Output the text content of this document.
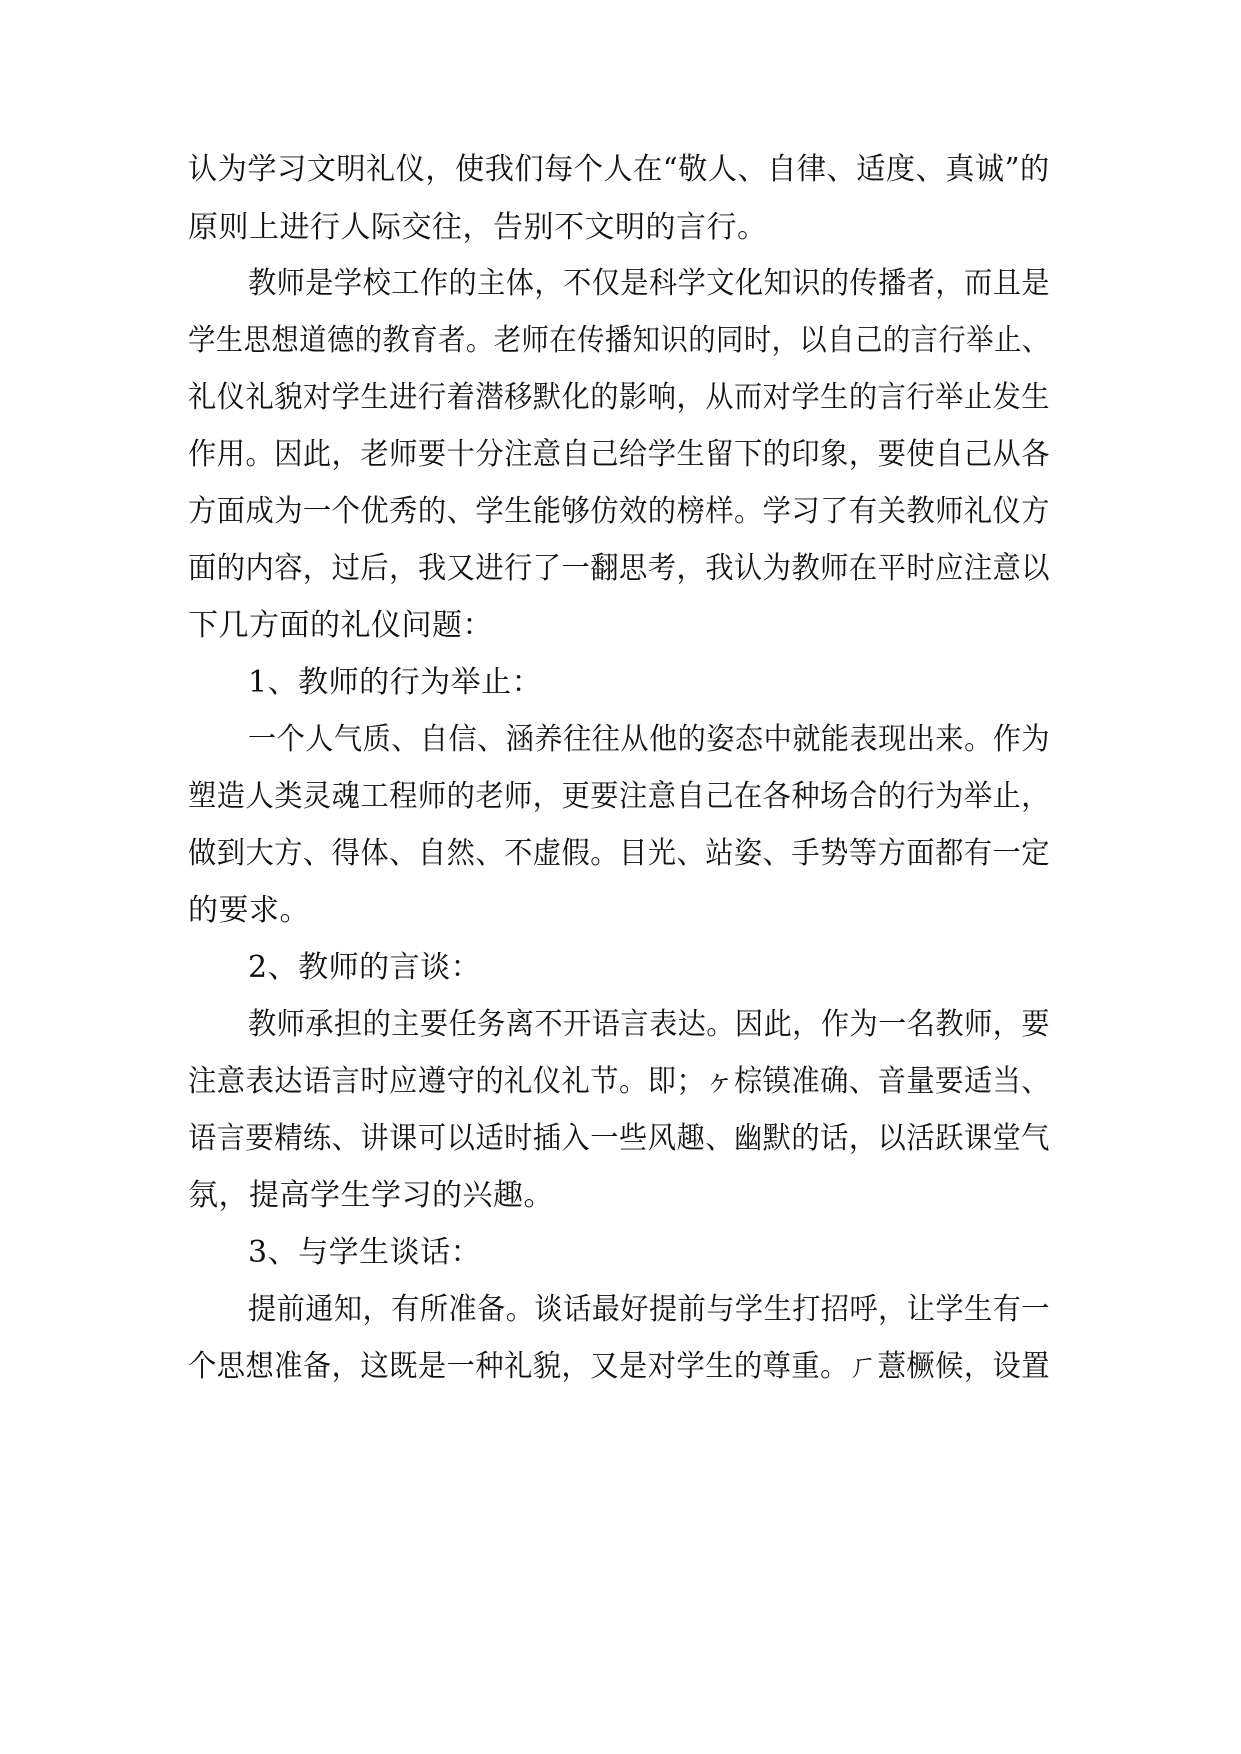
认为学习文明礼仪，使我们每个人在“敬人、自律、适度、真诚”的
原则上进行人际交往，告别不文明的言行。
教师是学校工作的主体，不仅是科学文化知识的传播者，而且是
学生思想道德的教育者。老师在传播知识的同时，以自己的言行举止、
礼仪礼貌对学生进行着潜移默化的影响，从而对学生的言行举止发生
作用。因此，老师要十分注意自己给学生留下的印象，要使自己从各
方面成为一个优秀的、学生能够仿效的榜样。学习了有关教师礼仪方
面的内容，过后，我又进行了一翻思考，我认为教师在平时应注意以
下几方面的礼仪问题：
1、教师的行为举止：
一个人气质、自信、涵养往往从他的姿态中就能表现出来。作为
塑造人类灵魂工程师的老师，更要注意自己在各种场合的行为举止，
做到大方、得体、自然、不虚假。目光、站姿、手势等方面都有一定
的要求。
2、教师的言谈：
教师承担的主要任务离不开语言表达。因此，作为一名教师，要
注意表达语言时应遵守的礼仪礼节。即；ヶ棕镆准确、音量要适当、
语言要精练、讲课可以适时插入一些风趣、幽默的话，以活跃课堂气
氛，提高学生学习的兴趣。
3、与学生谈话：
提前通知，有所准备。谈话最好提前与学生打招呼，让学生有一
个思想准备，这既是一种礼貌，又是对学生的尊重。ㄏ薏橛候，设置
